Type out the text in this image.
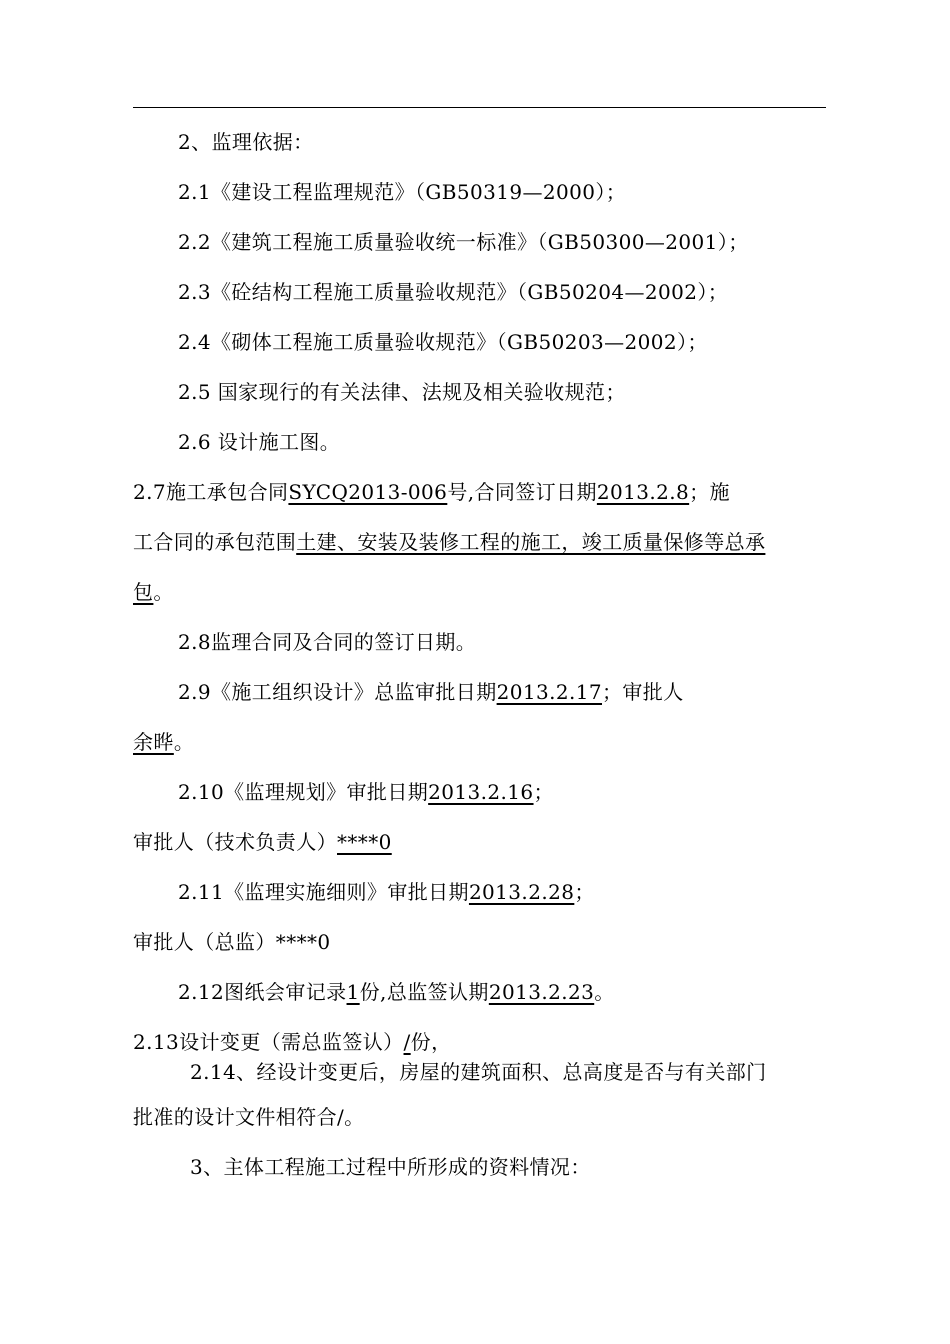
2、监理依据：
2.1《建设工程监理规范》（GB50319—2000）；
2.2《建筑工程施工质量验收统一标准》（GB50300—2001）；
2.3《砼结构工程施工质量验收规范》（GB50204—2002）；
2.4《砌体工程施工质量验收规范》（GB50203—2002）；
2.5 国家现行的有关法律、法规及相关验收规范；
2.6 设计施工图。
2.7施工承包合同SYCQ2013-006号,合同签订日期2013.2.8；施
工合同的承包范围土建、安装及装修工程的施工，竣工质量保修等总承
包。
2.8监理合同及合同的签订日期。
2.9《施工组织设计》总监审批日期2013.2.17；审批人
余晔。
2.10《监理规划》审批日期2013.2.16；
审批人（技术负责人）****0
2.11《监理实施细则》审批日期2013.2.28；
审批人（总监）****0
2.12图纸会审记录1份,总监签认期2013.2.23。
2.13设计变更（需总监签认）/份，
2.14、经设计变更后，房屋的建筑面积、总高度是否与有关部门
批准的设计文件相符合/。
3、主体工程施工过程中所形成的资料情况：
